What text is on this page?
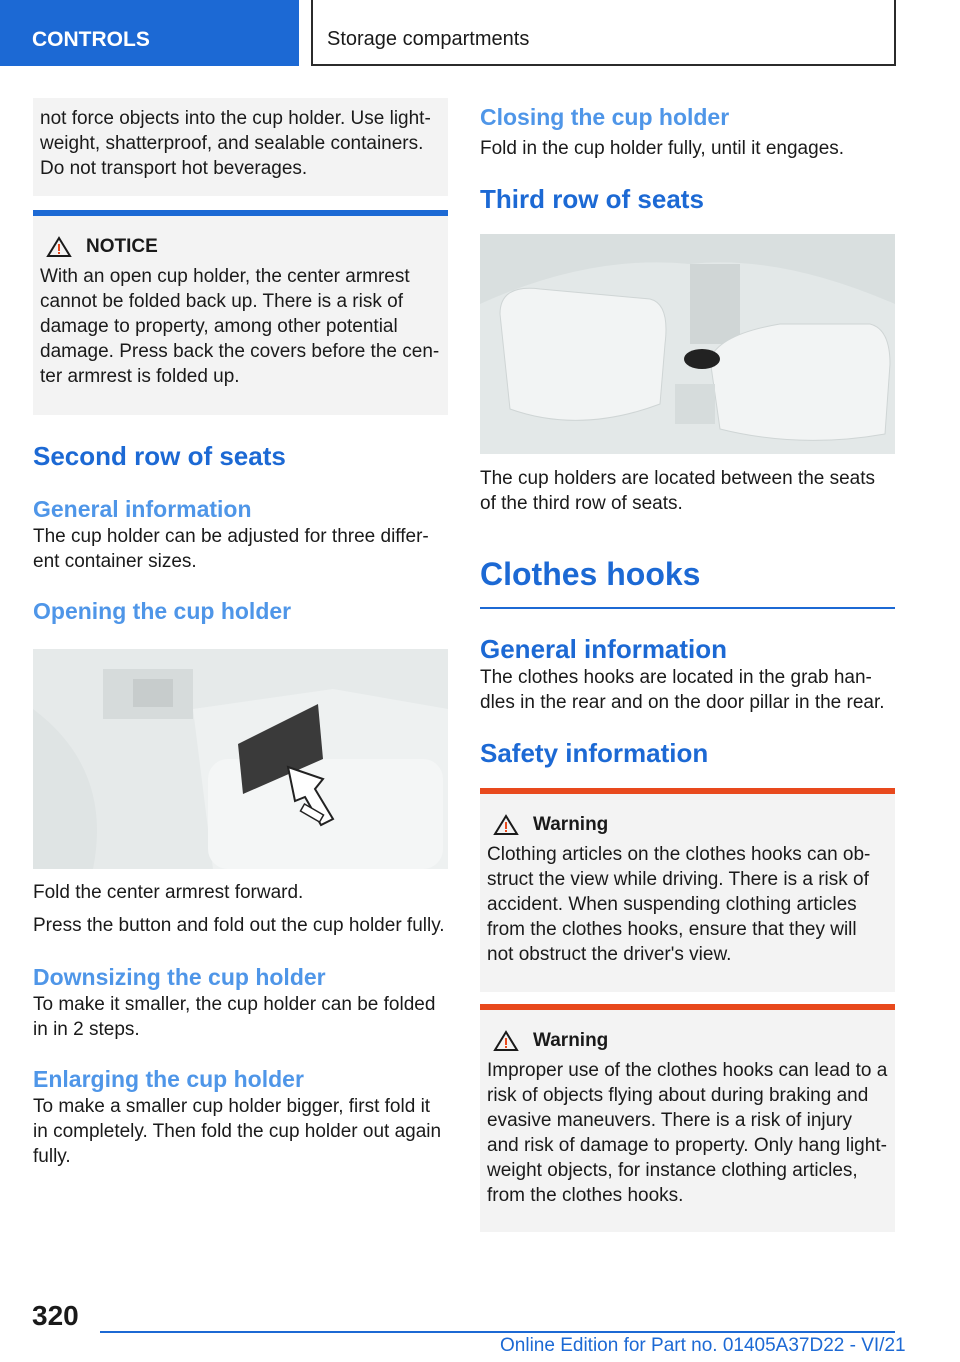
CONTROLS	Storage compartments

not force objects into the cup holder. Use light-weight, shatterproof, and sealable containers. Do not transport hot beverages.

NOTICE

With an open cup holder, the center armrest cannot be folded back up. There is a risk of damage to property, among other potential damage. Press back the covers before the cen-ter armrest is folded up.

Second row of seats
General information

The cup holder can be adjusted for three differ-ent container sizes.

Opening the cup holder

Fold the center armrest forward.

Press the button and fold out the cup holder fully.

Downsizing the cup holder

To make it smaller, the cup holder can be folded in in 2 steps.

Enlarging the cup holder

To make a smaller cup holder bigger, first fold it in completely. Then fold the cup holder out again fully.

Closing the cup holder

Fold in the cup holder fully, until it engages.

Third row of seats

The cup holders are located between the seats of the third row of seats.

Clothes hooks
General information

The clothes hooks are located in the grab han-dles in the rear and on the door pillar in the rear.

Safety information
Warning

Clothing articles on the clothes hooks can ob-struct the view while driving. There is a risk of accident. When suspending clothing articles from the clothes hooks, ensure that they will not obstruct the driver's view.

Warning

Improper use of the clothes hooks can lead to a risk of objects flying about during braking and evasive maneuvers. There is a risk of injury and risk of damage to property. Only hang light-weight objects, for instance clothing articles, from the clothes hooks.

320
Online Edition for Part no. 01405A37D22 - VI/21
